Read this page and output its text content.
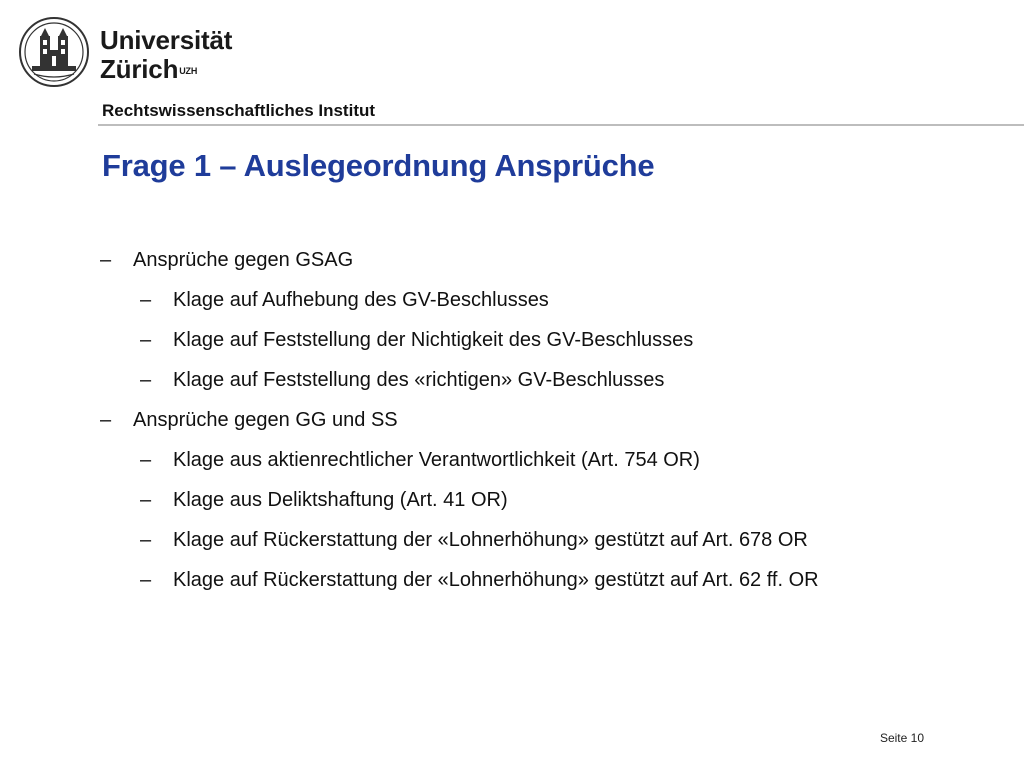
Universität
Zürich$^{UZH}$
Rechtswissenschaftliches Institut
Frage 1 – Auslegeordnung Ansprüche
– Ansprüche gegen GSAG
– Klage auf Aufhebung des GV-Beschlusses
– Klage auf Feststellung der Nichtigkeit des GV-Beschlusses
– Klage auf Feststellung des «richtigen» GV-Beschlusses
– Ansprüche gegen GG und SS
– Klage aus aktienrechtlicher Verantwortlichkeit (Art. 754 OR)
– Klage aus Deliktshaftung (Art. 41 OR)
– Klage auf Rückerstattung der «Lohnerhöhung» gestützt auf Art. 678 OR
– Klage auf Rückerstattung der «Lohnerhöhung» gestützt auf Art. 62 ff. OR
Seite 10
